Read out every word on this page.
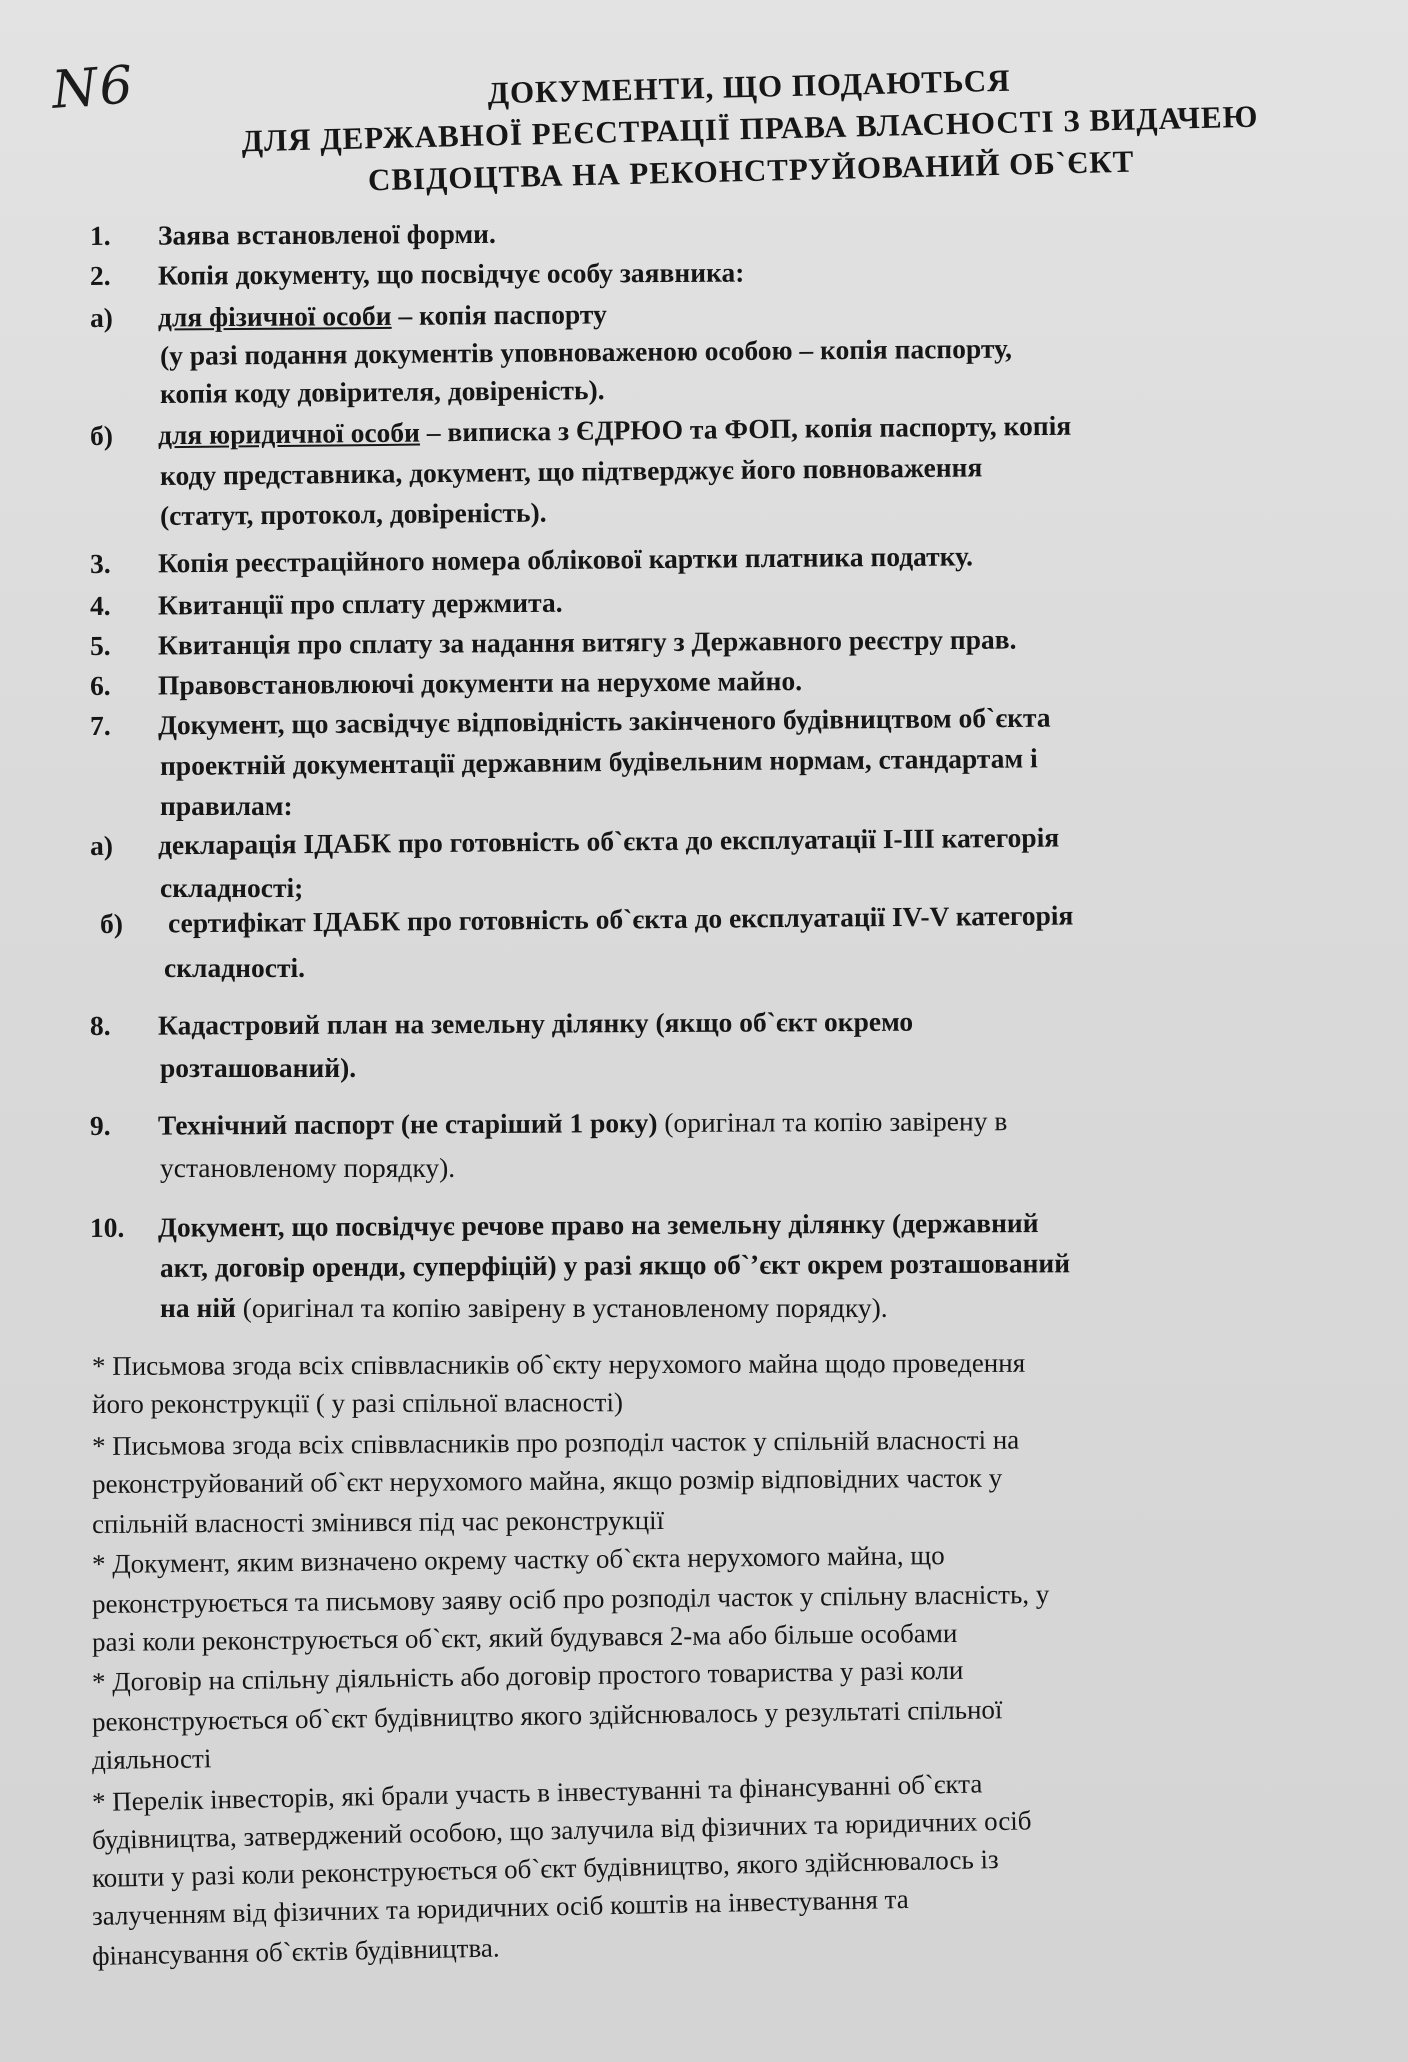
N6	ДОКУМЕНТИ, ЩО ПОДАЮТЬСЯ
ДЛЯ ДЕРЖАВНОЇ РЕЄСТРАЦІЇ ПРАВА ВЛАСНОСТІ З ВИДАЧЕЮ
СВІДОЦТВА НА РЕКОНСТРУЙОВАНИЙ ОБ`ЄКТ
1. Заява встановленої форми.
2. Копія документу, що посвідчує особу заявника:
а) для фізичної особи – копія паспорту
(у разі подання документів уповноваженою особою – копія паспорту,
копія коду довірителя, довіреність).
б) для юридичної особи – виписка з ЄДРЮО та ФОП, копія паспорту, копія
коду представника, документ, що підтверджує його повноваження
(статут, протокол, довіреність).
3. Копія реєстраційного номера облікової картки платника податку.
4. Квитанції про сплату держмита.
5. Квитанція про сплату за надання витягу з Державного реєстру прав.
6. Правовстановлюючі документи на нерухоме майно.
7. Документ, що засвідчує відповідність закінченого будівництвом об`єкта
проектній документації державним будівельним нормам, стандартам і
правилам:
а) декларація ІДАБК про готовність об`єкта до експлуатації І-ІІІ категорія
складності;
б) сертифікат ІДАБК про готовність об`єкта до експлуатації IV-V категорія
складності.
8. Кадастровий план на земельну ділянку (якщо об`єкт окремо
розташований).
9. Технічний паспорт (не старіший 1 року) (оригінал та копію завірену в
установленому порядку).
10. Документ, що посвідчує речове право на земельну ділянку (державний
акт, договір оренди, суперфіцій) у разі якщо об`’єкт окрем розташований
на ній (оригінал та копію завірену в установленому порядку).
* Письмова згода всіх співвласників об`єкту нерухомого майна щодо проведення
його реконструкції ( у разі спільної власності)
* Письмова згода всіх співвласників про розподіл часток у спільній власності на
реконструйований об`єкт нерухомого майна, якщо розмір відповідних часток у
спільній власності змінився під час реконструкції
* Документ, яким визначено окрему частку об`єкта нерухомого майна, що
реконструюється та письмову заяву осіб про розподіл часток у спільну власність, у
разі коли реконструюється об`єкт, який будувався 2-ма або більше особами
* Договір на спільну діяльність або договір простого товариства у разі коли
реконструюється об`єкт будівництво якого здійснювалось у результаті спільної
діяльності
* Перелік інвесторів, які брали участь в інвестуванні та фінансуванні об`єкта
будівництва, затверджений особою, що залучила від фізичних та юридичних осіб
кошти у разі коли реконструюється об`єкт будівництво, якого здійснювалось із
залученням від фізичних та юридичних осіб коштів на інвестування та
фінансування об`єктів будівництва.
